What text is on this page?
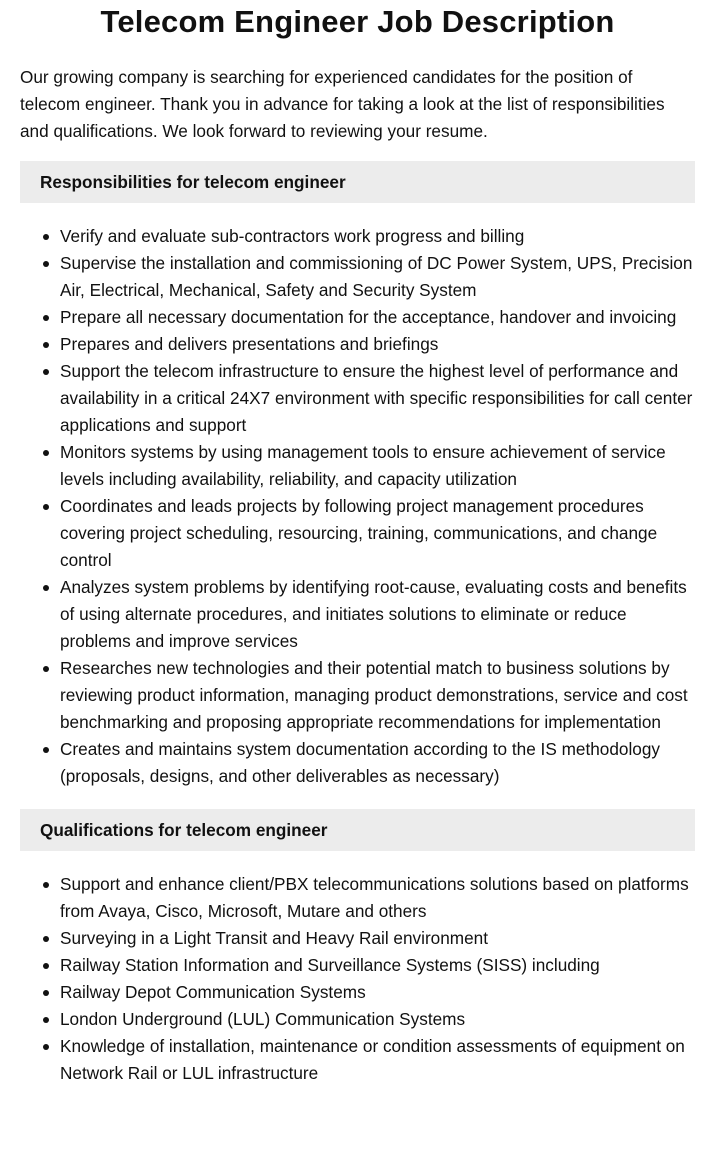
Telecom Engineer Job Description

Our growing company is searching for experienced candidates for the position of telecom engineer. Thank you in advance for taking a look at the list of responsibilities and qualifications. We look forward to reviewing your resume.

Responsibilities for telecom engineer
Verify and evaluate sub-contractors work progress and billing
Supervise the installation and commissioning of DC Power System, UPS, Precision Air, Electrical, Mechanical, Safety and Security System
Prepare all necessary documentation for the acceptance, handover and invoicing
Prepares and delivers presentations and briefings
Support the telecom infrastructure to ensure the highest level of performance and availability in a critical 24X7 environment with specific responsibilities for call center applications and support
Monitors systems by using management tools to ensure achievement of service levels including availability, reliability, and capacity utilization
Coordinates and leads projects by following project management procedures covering project scheduling, resourcing, training, communications, and change control
Analyzes system problems by identifying root-cause, evaluating costs and benefits of using alternate procedures, and initiates solutions to eliminate or reduce problems and improve services
Researches new technologies and their potential match to business solutions by reviewing product information, managing product demonstrations, service and cost benchmarking and proposing appropriate recommendations for implementation
Creates and maintains system documentation according to the IS methodology (proposals, designs, and other deliverables as necessary)
Qualifications for telecom engineer
Support and enhance client/PBX telecommunications solutions based on platforms from Avaya, Cisco, Microsoft, Mutare and others
Surveying in a Light Transit and Heavy Rail environment
Railway Station Information and Surveillance Systems (SISS) including
Railway Depot Communication Systems
London Underground (LUL) Communication Systems
Knowledge of installation, maintenance or condition assessments of equipment on Network Rail or LUL infrastructure
